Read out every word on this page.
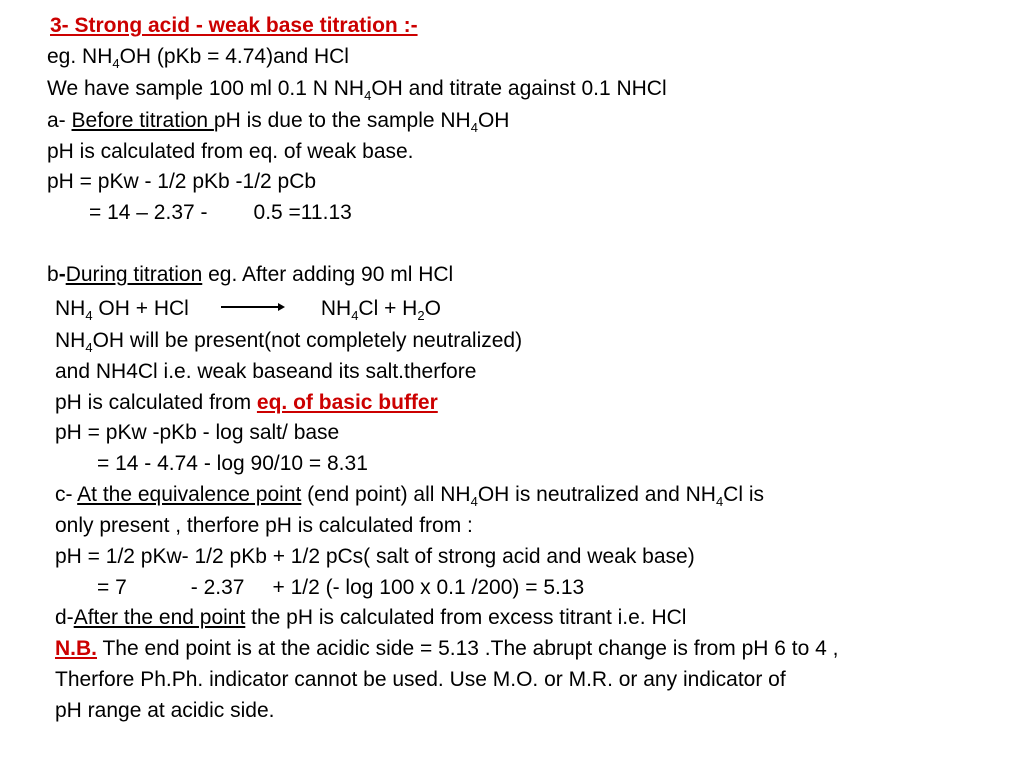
3- Strong acid - weak base titration :-
eg. $NH_4OH$ (pKb = 4.74)and HCl
We have sample 100 ml 0.1 N $NH_4OH$ and titrate against 0.1 NHCl
a- Before titration pH is due to the sample $NH_4OH$
pH is calculated from eq. of weak base.
pH = pKw - 1/2 pKb -1/2 pCb
= 14 – 2.37 - 0.5 =11.13
b-During titration eg. After adding 90 ml HCl
$NH_4$ OH + HCl	$NH_4Cl + H_2O$
$NH_4OH$ will be present(not completely neutralized)
and NH4Cl i.e. weak baseand its salt.therfore
pH is calculated from eq. of basic buffer
pH = pKw -pKb - log salt/ base
= 14 - 4.74 - log 90/10 = 8.31
c- At the equivalence point (end point) all $NH_4OH$ is neutralized and $NH_4Cl$ is
only present , therfore pH is calculated from :
pH = 1/2 pKw- 1/2 pKb + 1/2 pCs( salt of strong acid and weak base)
= 7	- 2.37 + 1/2 (- log 100 x 0.1 /200) = 5.13
d-After the end point the pH is calculated from excess titrant i.e. HCl
N.B. The end point is at the acidic side = 5.13 .The abrupt change is from pH 6 to 4 ,
Therfore Ph.Ph. indicator cannot be used. Use M.O. or M.R. or any indicator of
pH range at acidic side.
